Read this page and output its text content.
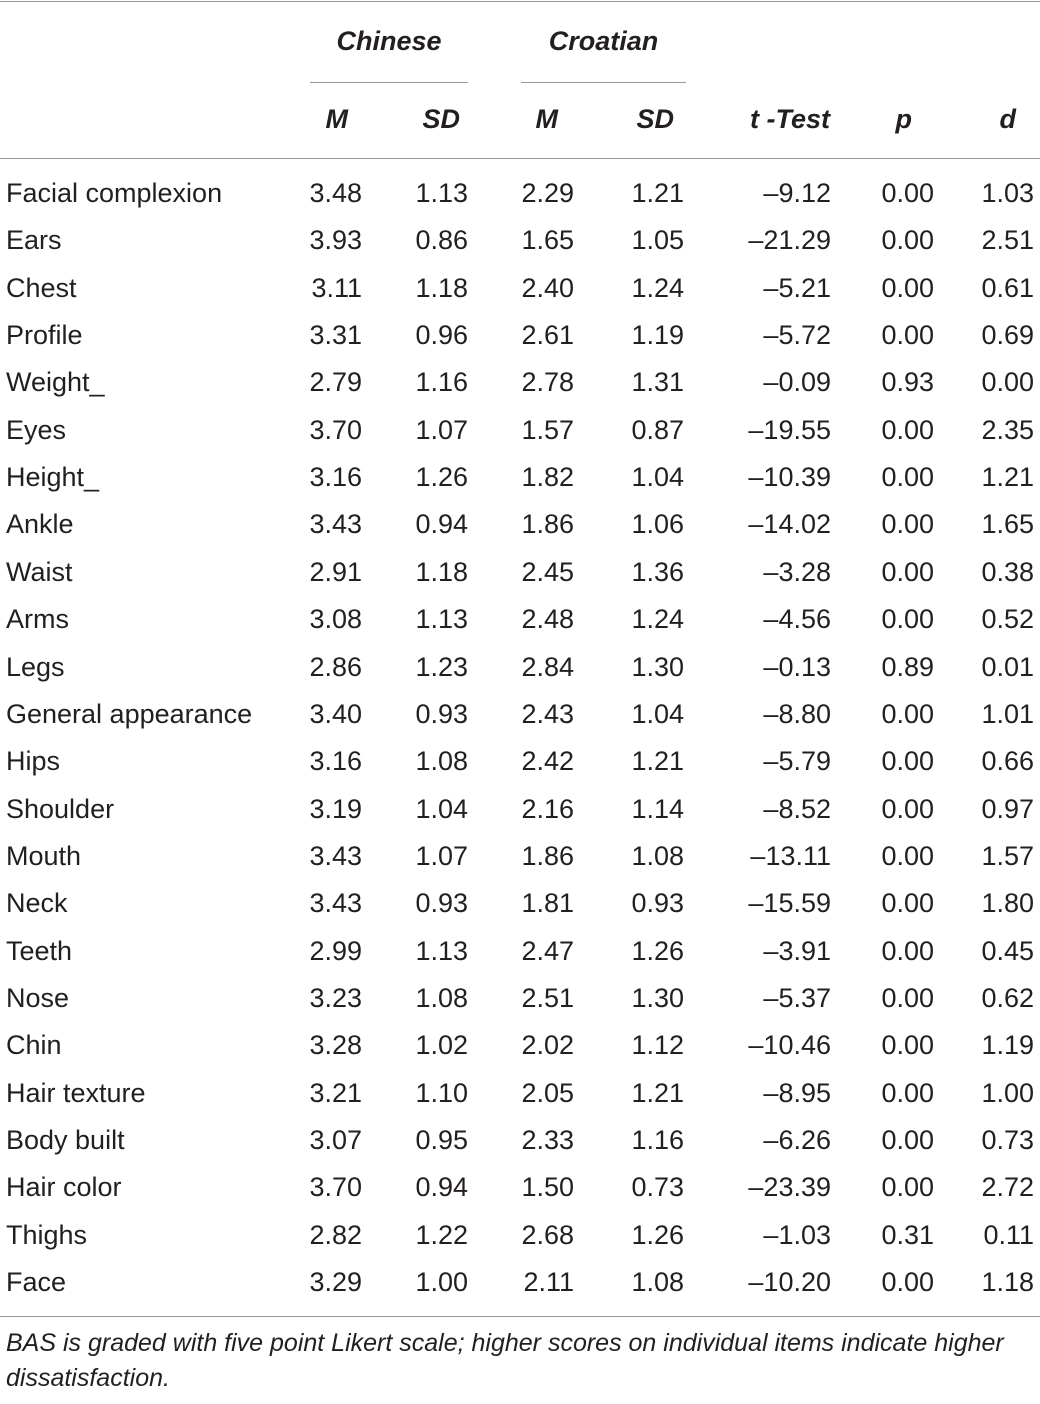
Chinese	Croatian
M	SD	M	SD	t -Test p	d
Facial complexion	3.48 1.13 2.29 1.21	–9.12 0.00 1.03
Ears	3.93 0.86 1.65 1.05 –21.29 0.00 2.51
Chest	3.11 1.18 2.40 1.24	–5.21 0.00 0.61
Profile	3.31 0.96 2.61 1.19	–5.72 0.00 0.69
Weight_	2.79 1.16 2.78 1.31	–0.09 0.93 0.00
Eyes	3.70 1.07 1.57 0.87 –19.55 0.00 2.35
Height_	3.16 1.26 1.82 1.04 –10.39 0.00 1.21
Ankle	3.43 0.94 1.86 1.06 –14.02 0.00 1.65
Waist	2.91 1.18 2.45 1.36	–3.28 0.00 0.38
Arms	3.08 1.13 2.48 1.24	–4.56 0.00 0.52
Legs	2.86 1.23 2.84 1.30	–0.13 0.89 0.01
General appearance 3.40 0.93 2.43 1.04	–8.80 0.00 1.01
Hips	3.16 1.08 2.42 1.21	–5.79 0.00 0.66
Shoulder	3.19 1.04 2.16 1.14	–8.52 0.00 0.97
Mouth	3.43 1.07 1.86 1.08 –13.11 0.00 1.57
Neck	3.43 0.93 1.81 0.93 –15.59 0.00 1.80
Teeth	2.99 1.13 2.47 1.26	–3.91 0.00 0.45
Nose	3.23 1.08 2.51 1.30	–5.37 0.00 0.62
Chin	3.28 1.02 2.02 1.12 –10.46 0.00 1.19
Hair texture	3.21 1.10 2.05 1.21	–8.95 0.00 1.00
Body built	3.07 0.95 2.33 1.16	–6.26 0.00 0.73
Hair color	3.70 0.94 1.50 0.73 –23.39 0.00 2.72
Thighs	2.82 1.22 2.68 1.26	–1.03 0.31 0.11
Face	3.29 1.00 2.11 1.08 –10.20 0.00 1.18
BAS is graded with five point Likert scale; higher scores on individual items indicate higher dissatisfaction.
